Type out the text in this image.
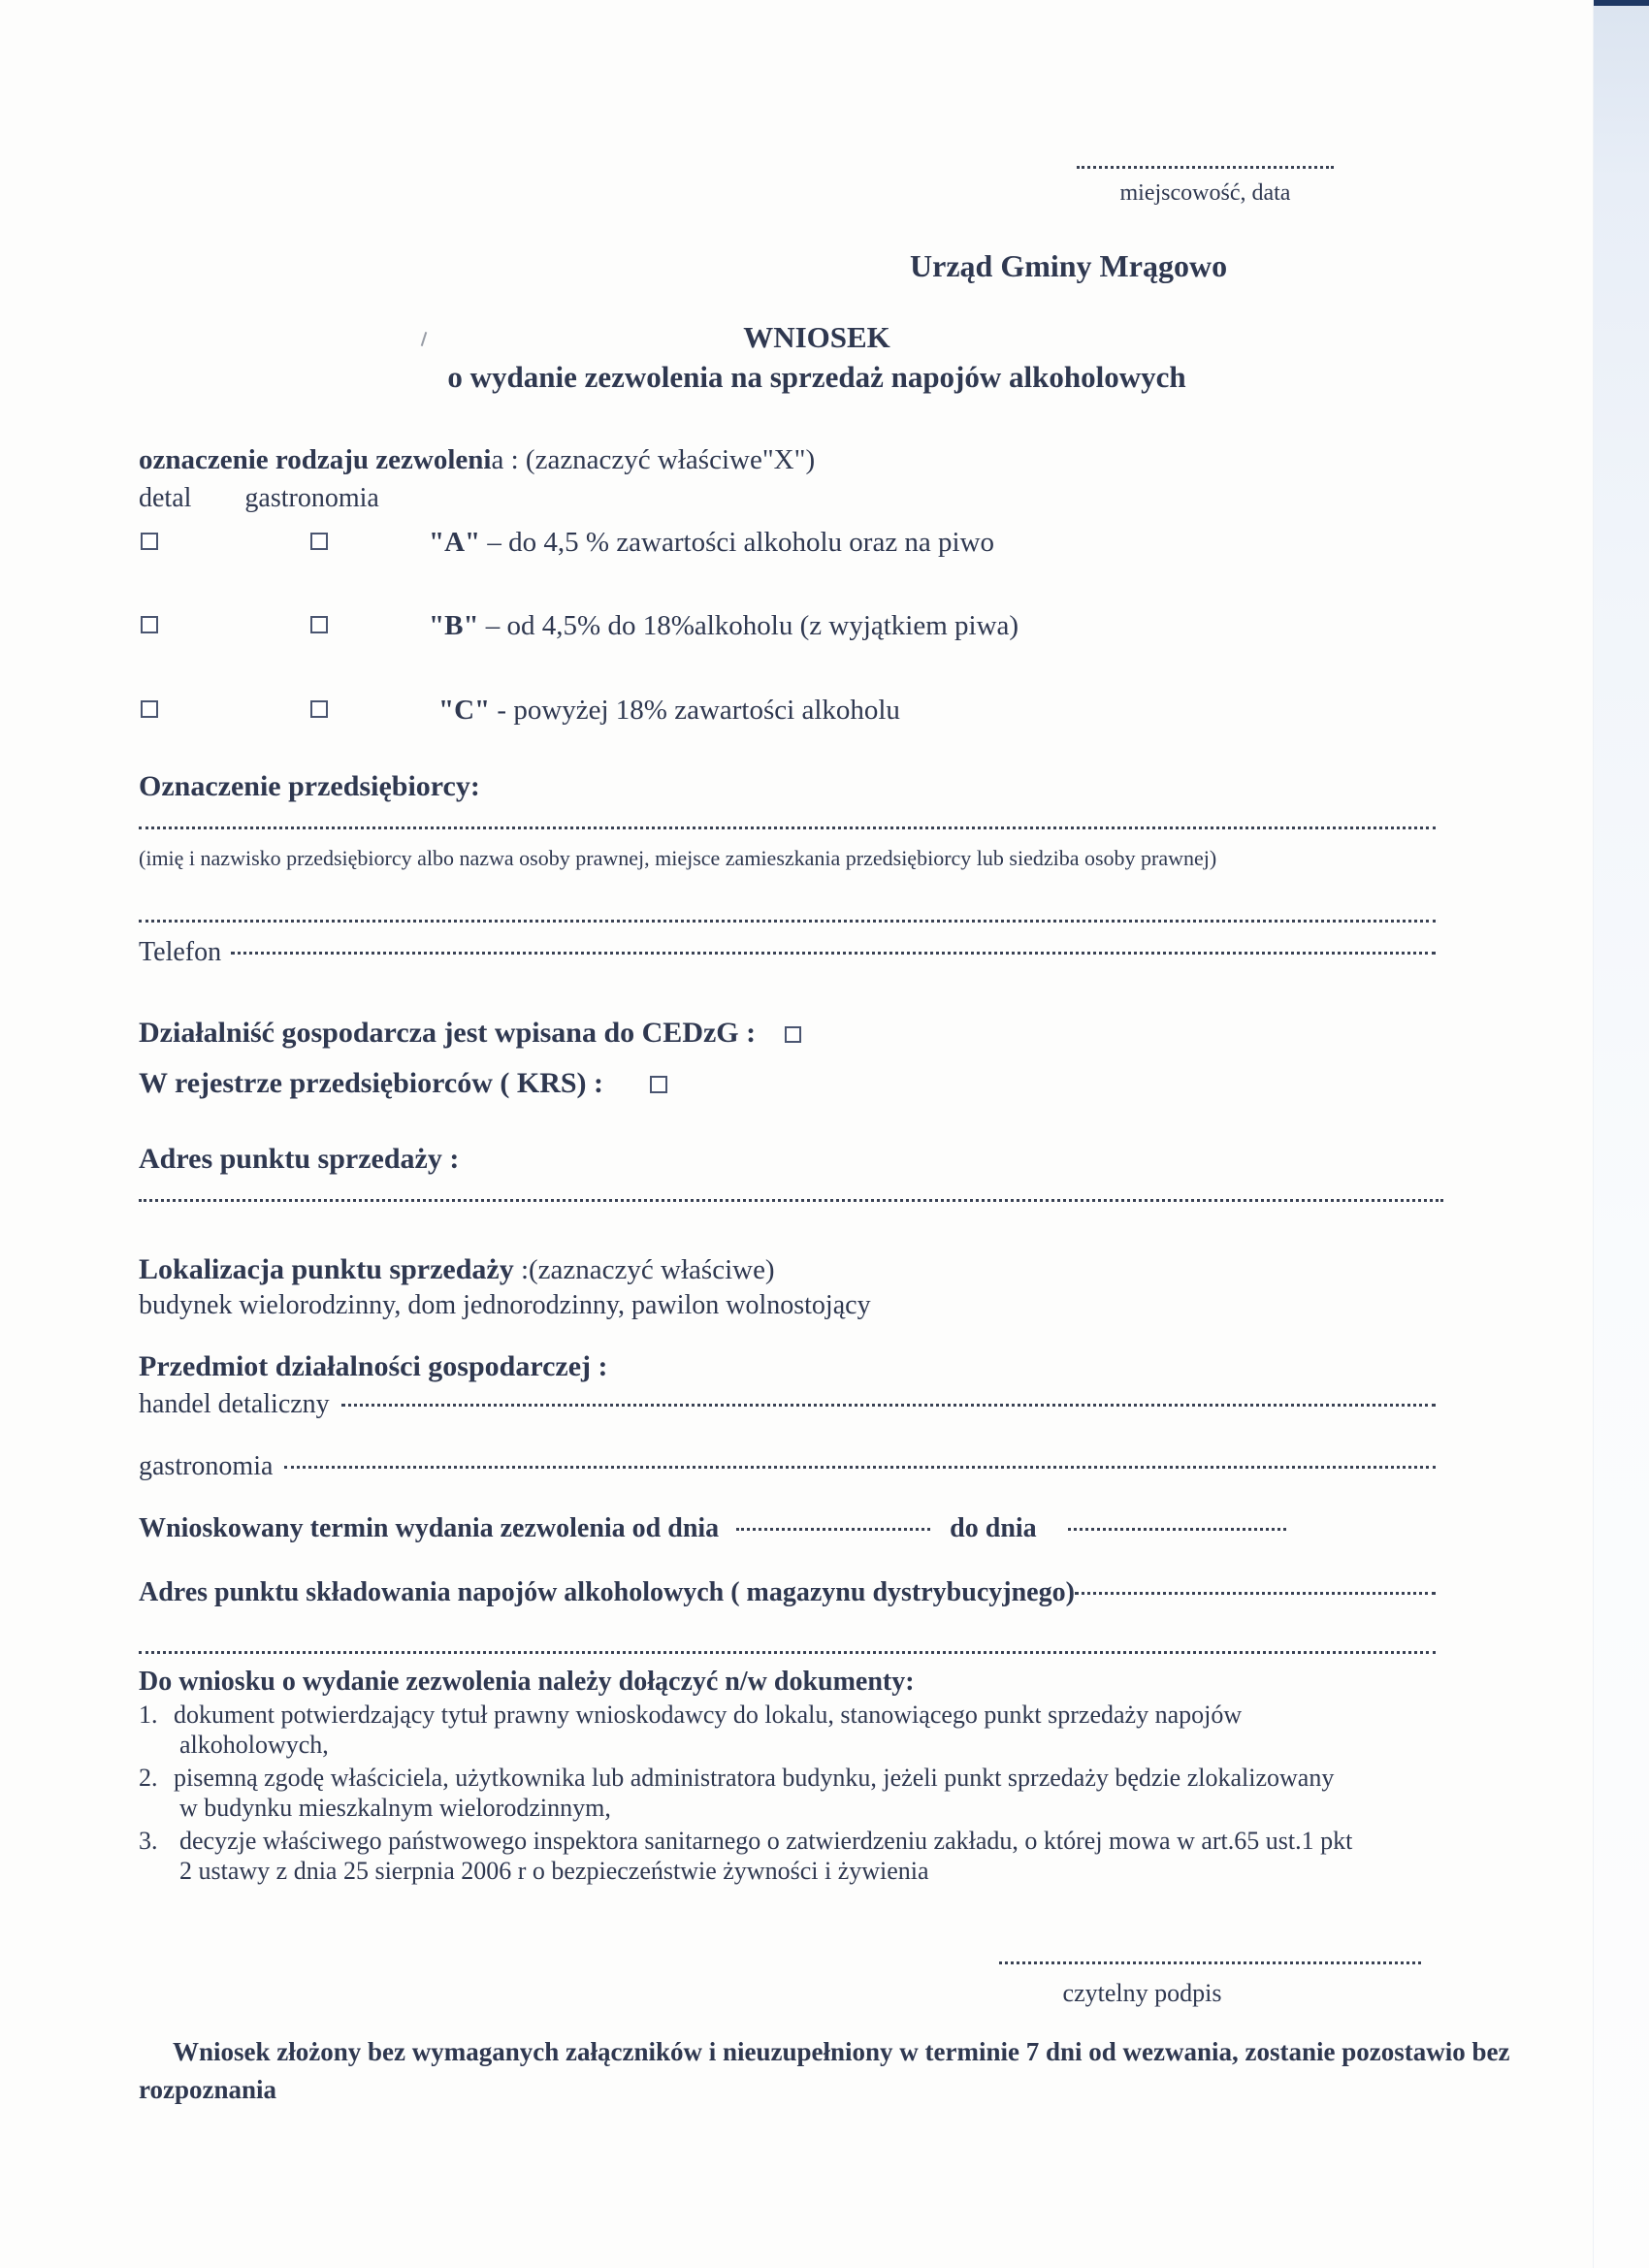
miejscowość, data
Urząd Gminy Mrągowo
WNIOSEK
o wydanie zezwolenia na sprzedaż napojów alkoholowych
oznaczenie rodzaju zezwolenia : (zaznaczyć właściwe"X")
detal gastronomia
"A" – do 4,5 % zawartości alkoholu oraz na piwo
"B" – od 4,5% do 18%alkoholu (z wyjątkiem piwa)
"C" - powyżej 18% zawartości alkoholu
Oznaczenie przedsiębiorcy:
(imię i nazwisko przedsiębiorcy albo nazwa osoby prawnej, miejsce zamieszkania przedsiębiorcy lub siedziba osoby prawnej)
Telefon
Działalniść gospodarcza jest wpisana do CEDzG :
W rejestrze przedsiębiorców ( KRS) :
Adres punktu sprzedaży :
Lokalizacja punktu sprzedaży :(zaznaczyć właściwe)
budynek wielorodzinny, dom jednorodzinny, pawilon wolnostojący
Przedmiot działalności gospodarczej :
handel detaliczny
gastronomia
Wnioskowany termin wydania zezwolenia od dnia	do dnia
Adres punktu składowania napojów alkoholowych ( magazynu dystrybucyjnego)
Do wniosku o wydanie zezwolenia należy dołączyć n/w dokumenty:
1. dokument potwierdzający tytuł prawny wnioskodawcy do lokalu, stanowiącego punkt sprzedaży napojów
alkoholowych,
2. pisemną zgodę właściciela, użytkownika lub administratora budynku, jeżeli punkt sprzedaży będzie zlokalizowany
w budynku mieszkalnym wielorodzinnym,
3. decyzje właściwego państwowego inspektora sanitarnego o zatwierdzeniu zakładu, o której mowa w art.65 ust.1 pkt
2 ustawy z dnia 25 sierpnia 2006 r o bezpieczeństwie żywności i żywienia
czytelny podpis
Wniosek złożony bez wymaganych załączników i nieuzupełniony w terminie 7 dni od wezwania, zostanie pozostawio bez
rozpoznania
